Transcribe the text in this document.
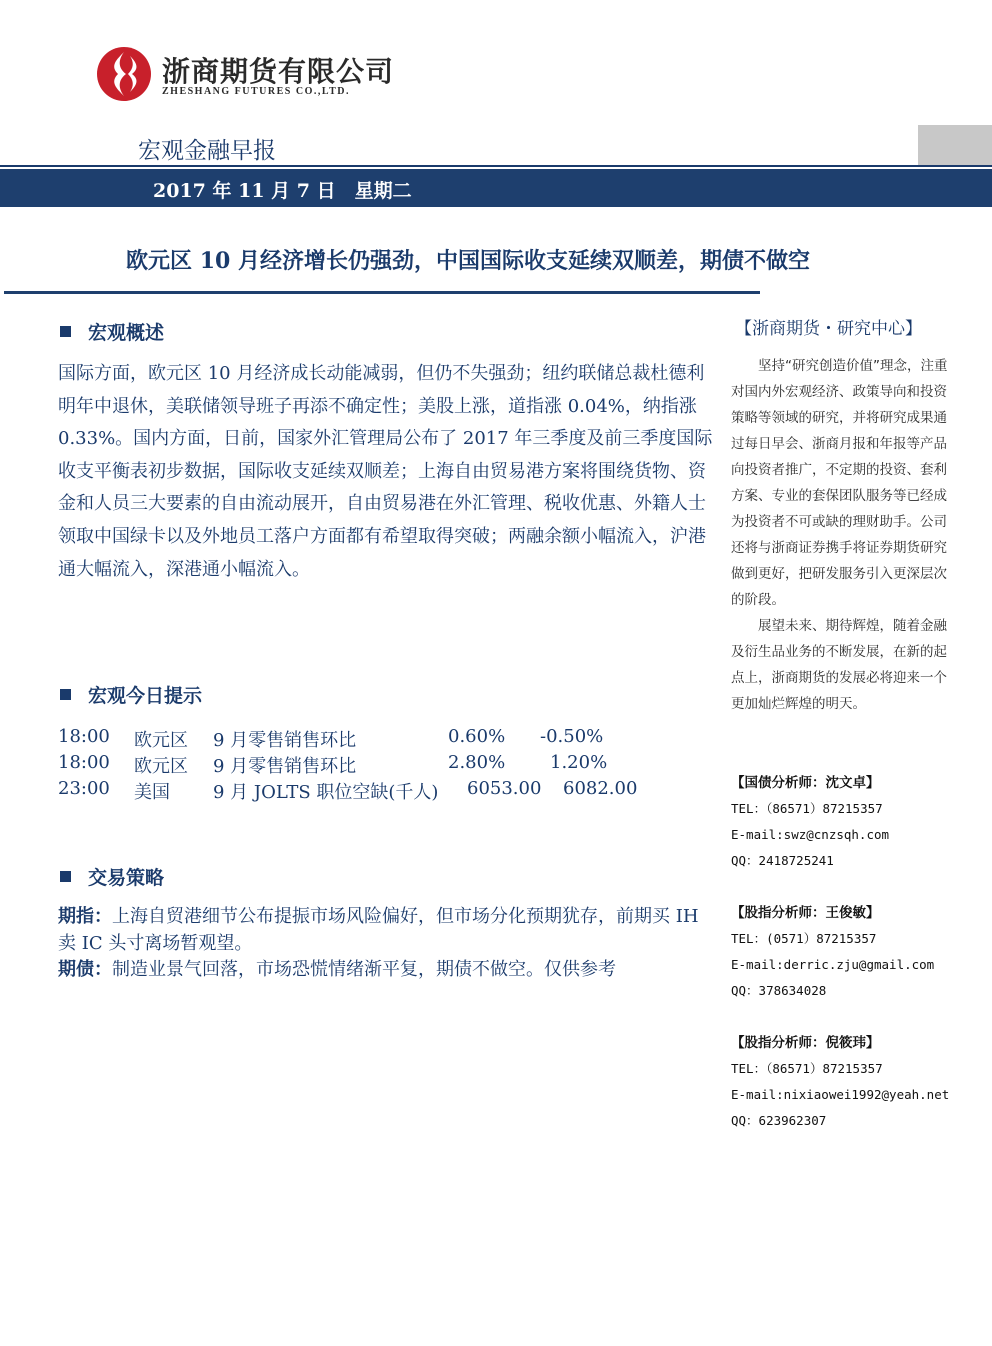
浙商期货有限公司
ZHESHANG FUTURES CO.,LTD.
宏观金融早报
2017 年 11 月 7 日　星期二
欧元区 10 月经济增长仍强劲，中国国际收支延续双顺差，期债不做空
宏观概述

国际方面，欧元区 10 月经济成长动能减弱，但仍不失强劲；纽约联储总裁杜德利明年中退休，美联储领导班子再添不确定性；美股上涨，道指涨 0.04%，纳指涨 0.33%。国内方面，日前，国家外汇管理局公布了 2017 年三季度及前三季度国际收支平衡表初步数据，国际收支延续双顺差；上海自由贸易港方案将围绕货物、资金和人员三大要素的自由流动展开，自由贸易港在外汇管理、税收优惠、外籍人士领取中国绿卡以及外地员工落户方面都有希望取得突破；两融余额小幅流入，沪港通大幅流入，深港通小幅流入。

宏观今日提示
18:00 欧元区 9 月零售销售环比	0.60% -0.50%
18:00 欧元区 9 月零售销售环比	2.80% 1.20%
23:00 美国 9 月 JOLTS 职位空缺(千人) 6053.00 6082.00
交易策略
期指：上海自贸港细节公布提振市场风险偏好，但市场分化预期犹存，前期买 IH 卖 IC 头寸离场暂观望。
期债：制造业景气回落，市场恐慌情绪渐平复，期债不做空。仅供参考
【浙商期货・研究中心】

坚持“研究创造价值”理念，注重对国内外宏观经济、政策导向和投资策略等领域的研究，并将研究成果通过每日早会、浙商月报和年报等产品向投资者推广，不定期的投资、套利方案、专业的套保团队服务等已经成为投资者不可或缺的理财助手。公司还将与浙商证券携手将证券期货研究做到更好，把研发服务引入更深层次的阶段。

展望未来、期待辉煌，随着金融及衍生品业务的不断发展，在新的起点上，浙商期货的发展必将迎来一个更加灿烂辉煌的明天。

【国债分析师：沈文卓】
TEL：（86571）87215357
E-mail:swz@cnzsqh.com
QQ：2418725241
【股指分析师：王俊敏】
TEL：(0571）87215357
E-mail:derric.zju@gmail.com
QQ：378634028
【股指分析师：倪筱玮】
TEL：（86571）87215357
E-mail:nixiaowei1992@yeah.net
QQ：623962307
